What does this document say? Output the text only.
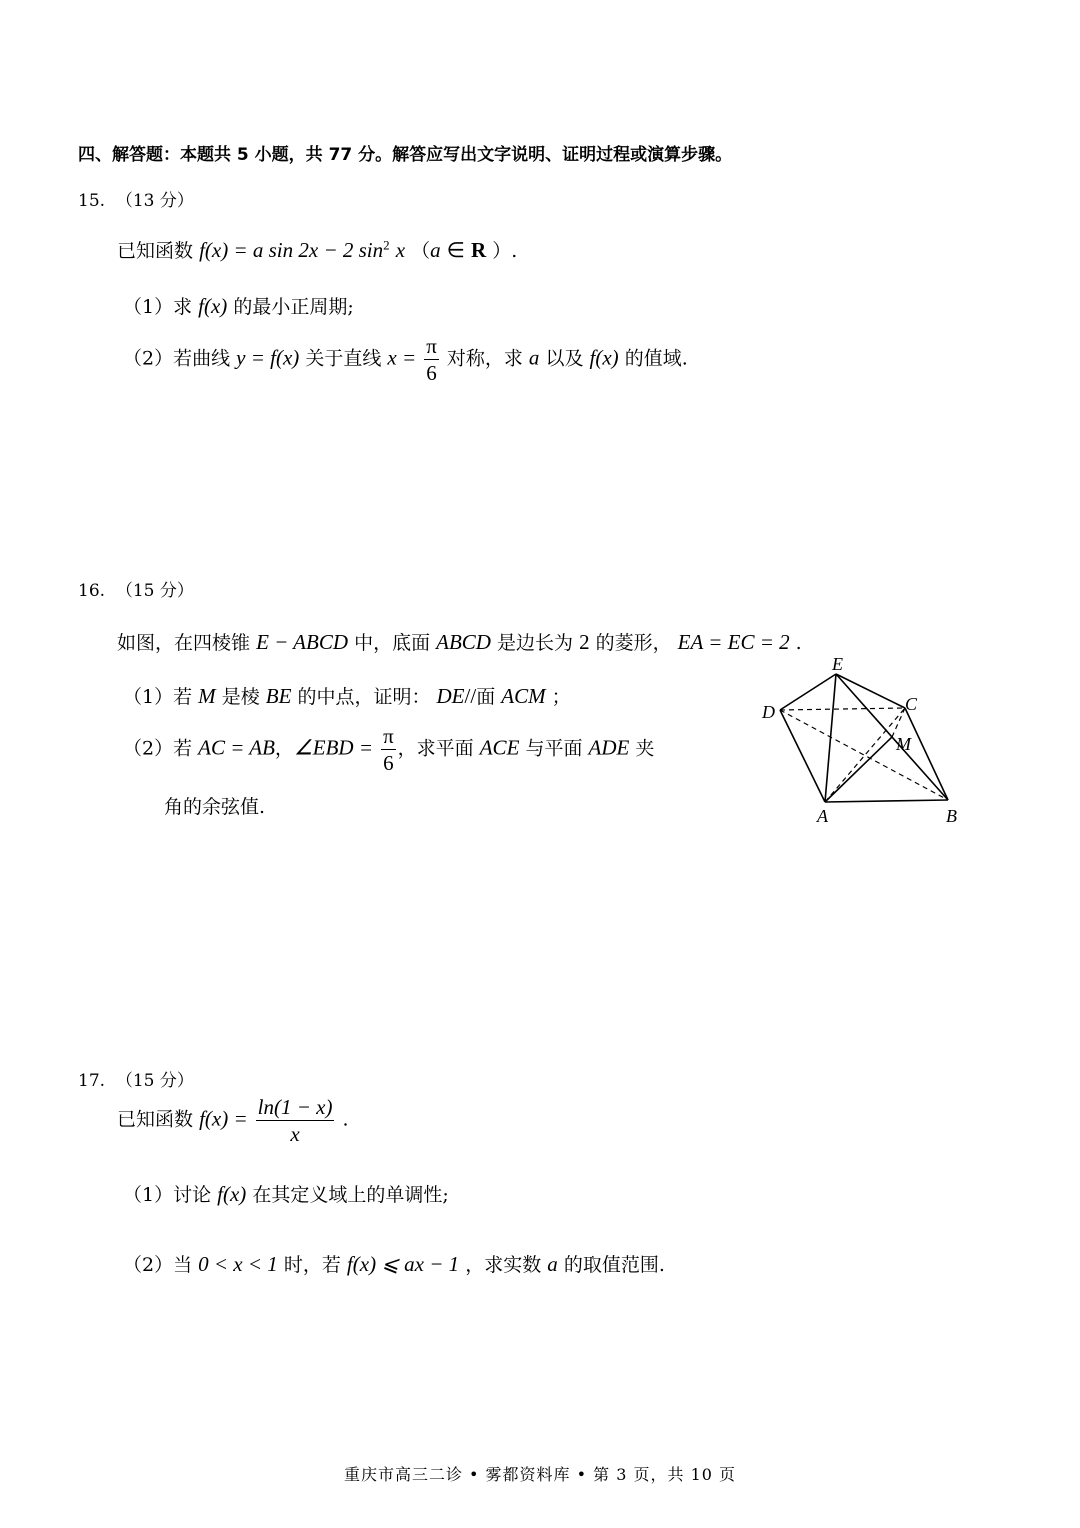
四、解答题：本题共 5 小题，共 77 分。解答应写出文字说明、证明过程或演算步骤。
15. （13 分）
已知函数 f(x) = a sin 2x − 2 $\sin^2 x$ （a ∈ R ）.
（1）求 f(x) 的最小正周期;
（2）若曲线 y = f(x) 关于直线 $x = \frac{\pi}{6}$ 对称，求 a 以及 f(x) 的值域.
16. （15 分）
如图，在四棱锥 E − ABCD 中，底面 ABCD 是边长为 2 的菱形， EA = EC = 2 .
（1）若 M 是棱 BE 的中点，证明： DE//面 ACM ；
（2）若 AC = AB，∠EBD = $\frac{\pi}{6}$ ，求平面 ACE 与平面 ADE 夹
角的余弦值.
E
D	C
M
A	B
17. （15 分）
已知函数 $f(x) = \frac{\ln(1 - x)}{x}$ .
（1）讨论 f(x) 在其定义域上的单调性;
（2）当 0 < x < 1 时，若 f(x) ⩽ ax − 1 ，求实数 a 的取值范围.
重庆市高三二诊 • 雾都资料库 • 第 3 页，共 10 页
